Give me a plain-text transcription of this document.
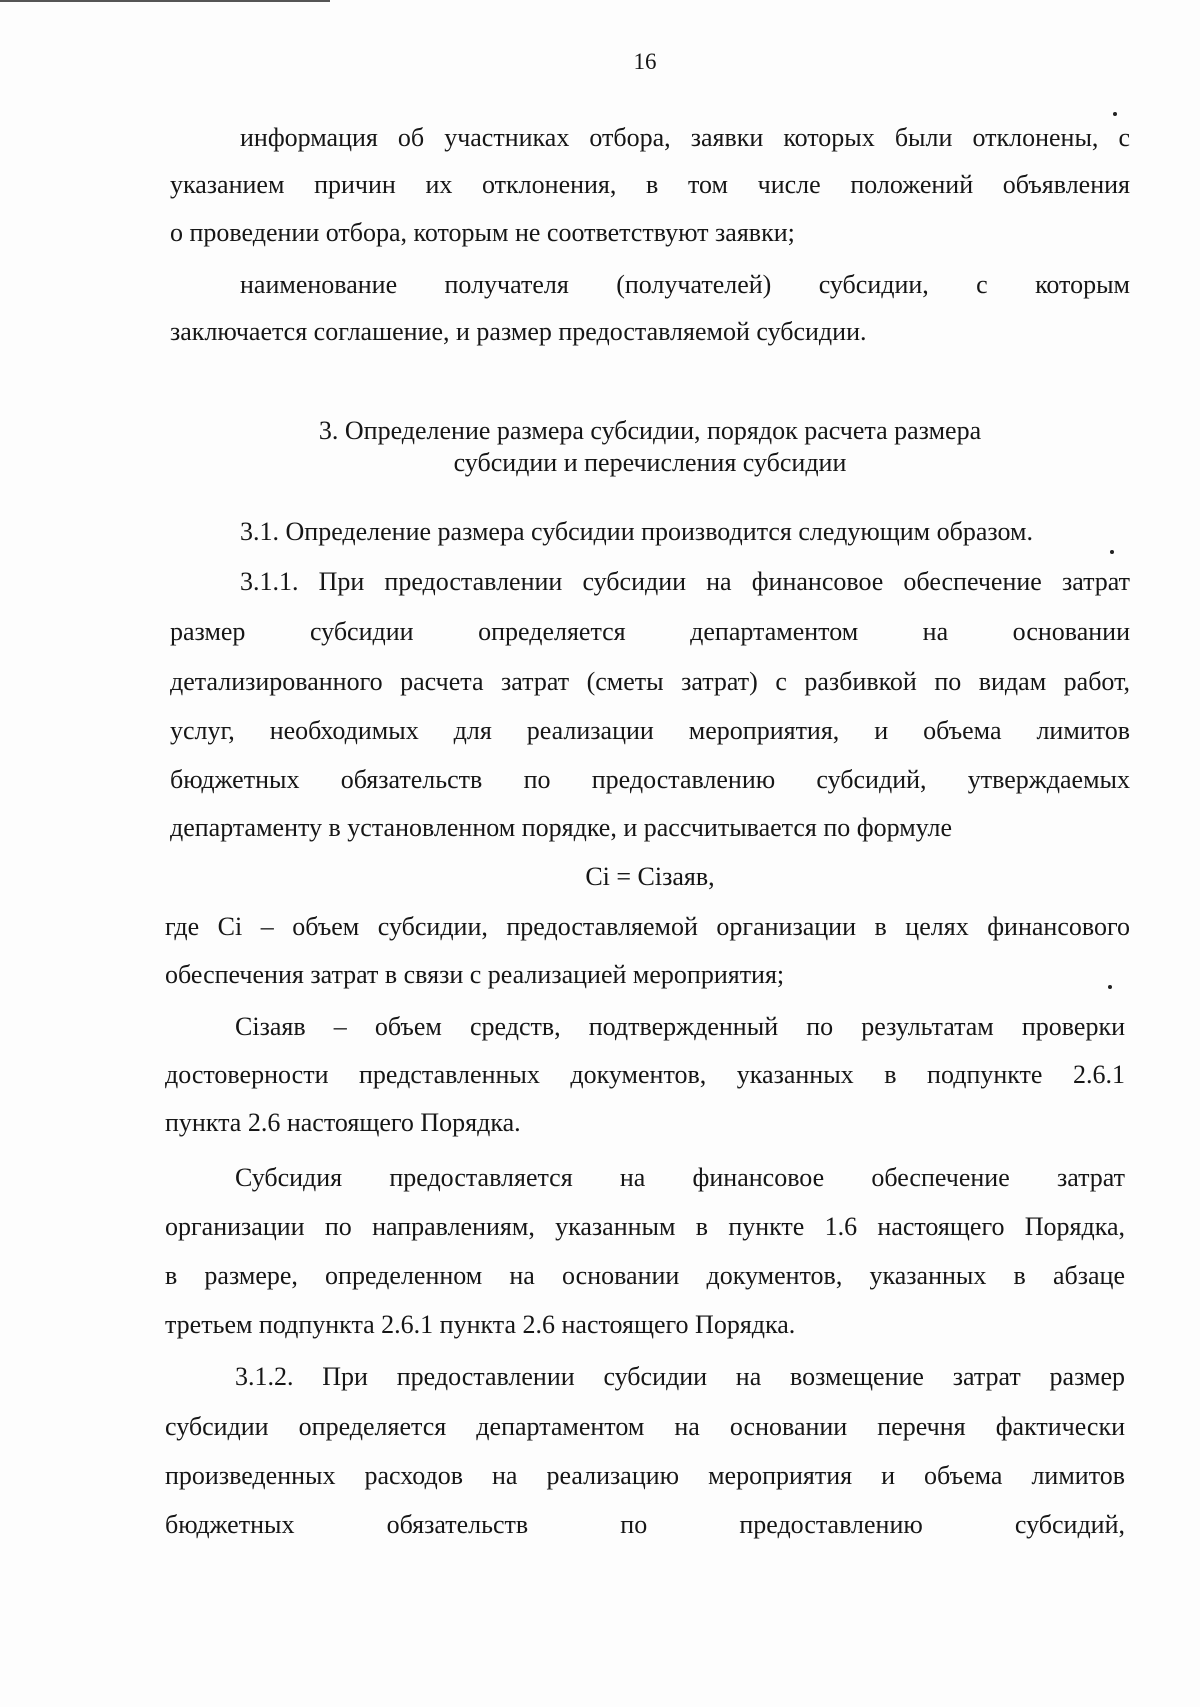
16
информация об участниках отбора, заявки которых были отклонены, с
указанием причин их отклонения, в том числе положений объявления
о проведении отбора, которым не соответствуют заявки;
наименование получателя (получателей) субсидии, с которым
заключается соглашение, и размер предоставляемой субсидии.
3. Определение размера субсидии, порядок расчета размера
субсидии и перечисления субсидии
3.1. Определение размера субсидии производится следующим образом.
3.1.1. При предоставлении субсидии на финансовое обеспечение затрат
размер субсидии определяется департаментом на основании
детализированного расчета затрат (сметы затрат) с разбивкой по видам работ,
услуг, необходимых для реализации мероприятия, и объема лимитов
бюджетных обязательств по предоставлению субсидий, утверждаемых
департаменту в установленном порядке, и рассчитывается по формуле
Ci = Ciзаяв,
где Ci – объем субсидии, предоставляемой организации в целях финансового
обеспечения затрат в связи с реализацией мероприятия;
Ciзаяв – объем средств, подтвержденный по результатам проверки
достоверности представленных документов, указанных в подпункте 2.6.1
пункта 2.6 настоящего Порядка.
Субсидия предоставляется на финансовое обеспечение затрат
организации по направлениям, указанным в пункте 1.6 настоящего Порядка,
в размере, определенном на основании документов, указанных в абзаце
третьем подпункта 2.6.1 пункта 2.6 настоящего Порядка.
3.1.2. При предоставлении субсидии на возмещение затрат размер
субсидии определяется департаментом на основании перечня фактически
произведенных расходов на реализацию мероприятия и объема лимитов
бюджетных обязательств по предоставлению субсидий,
